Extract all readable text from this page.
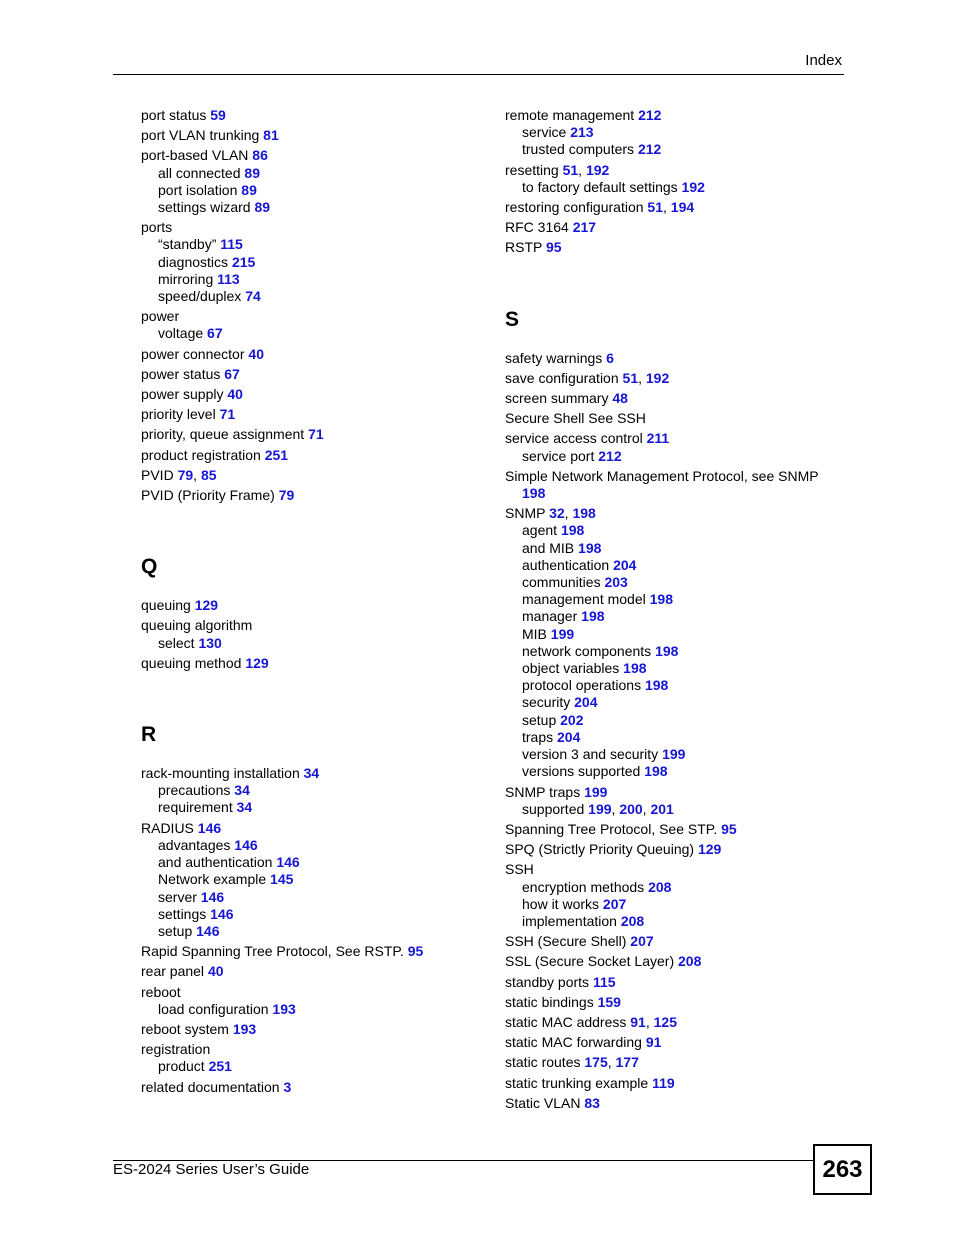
Index
port status 59
port VLAN trunking 81
port-based VLAN 86
all connected 89
port isolation 89
settings wizard 89
ports
“standby” 115
diagnostics 215
mirroring 113
speed/duplex 74
power
voltage 67
power connector 40
power status 67
power supply 40
priority level 71
priority, queue assignment 71
product registration 251
PVID 79, 85
PVID (Priority Frame) 79
Q
queuing 129
queuing algorithm
select 130
queuing method 129
R
rack-mounting installation 34
precautions 34
requirement 34
RADIUS 146
advantages 146
and authentication 146
Network example 145
server 146
settings 146
setup 146
Rapid Spanning Tree Protocol, See RSTP. 95
rear panel 40
reboot
load configuration 193
reboot system 193
registration
product 251
related documentation 3
remote management 212
service 213
trusted computers 212
resetting 51, 192
to factory default settings 192
restoring configuration 51, 194
RFC 3164 217
RSTP 95
S
safety warnings 6
save configuration 51, 192
screen summary 48
Secure Shell See SSH
service access control 211
service port 212
Simple Network Management Protocol, see SNMP
198
SNMP 32, 198
agent 198
and MIB 198
authentication 204
communities 203
management model 198
manager 198
MIB 199
network components 198
object variables 198
protocol operations 198
security 204
setup 202
traps 204
version 3 and security 199
versions supported 198
SNMP traps 199
supported 199, 200, 201
Spanning Tree Protocol, See STP. 95
SPQ (Strictly Priority Queuing) 129
SSH
encryption methods 208
how it works 207
implementation 208
SSH (Secure Shell) 207
SSL (Secure Socket Layer) 208
standby ports 115
static bindings 159
static MAC address 91, 125
static MAC forwarding 91
static routes 175, 177
static trunking example 119
Static VLAN 83
ES-2024 Series User’s Guide	263
